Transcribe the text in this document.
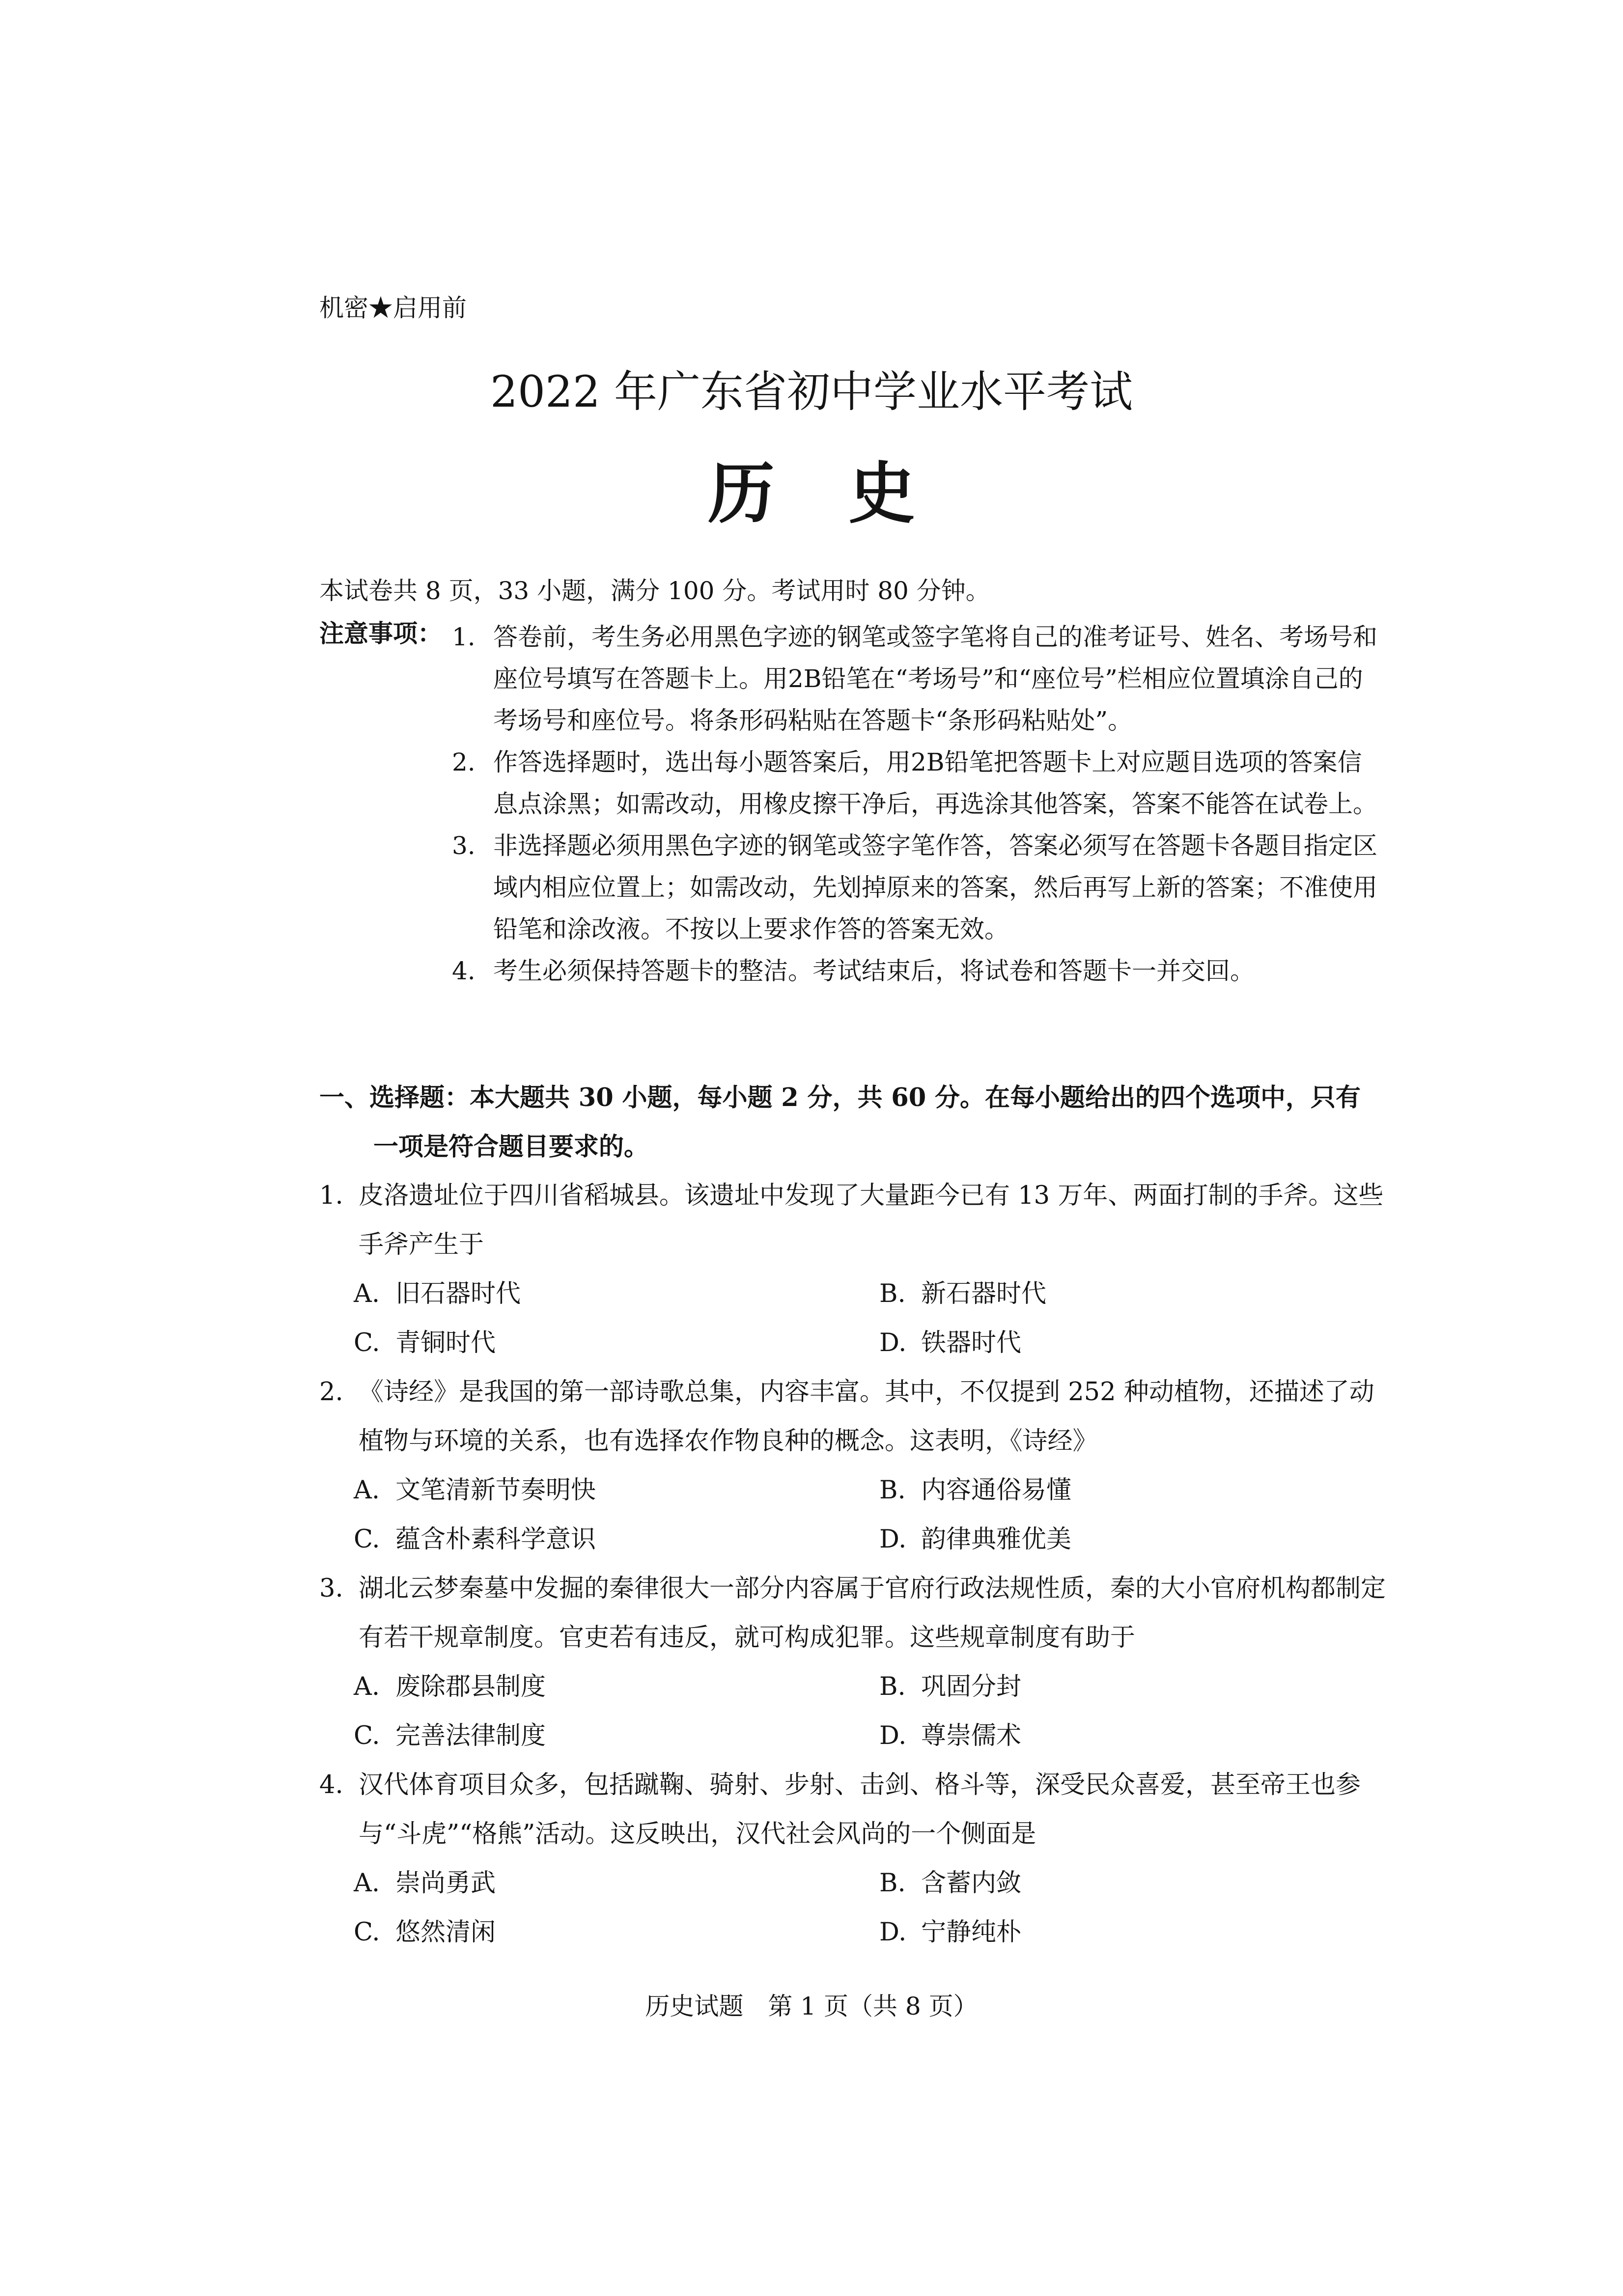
机密★启用前
2022 年广东省初中学业水平考试
历史
本试卷共 8 页，33 小题，满分 100 分。考试用时 80 分钟。
注意事项： 1. 答卷前，考生务必用黑色字迹的钢笔或签字笔将自己的准考证号、姓名、考场号和座位号填写在答题卡上。用2B铅笔在“考场号”和“座位号”栏相应位置填涂自己的考场号和座位号。将条形码粘贴在答题卡“条形码粘贴处”。
2. 作答选择题时，选出每小题答案后，用2B铅笔把答题卡上对应题目选项的答案信息点涂黑；如需改动，用橡皮擦干净后，再选涂其他答案，答案不能答在试卷上。
3. 非选择题必须用黑色字迹的钢笔或签字笔作答，答案必须写在答题卡各题目指定区域内相应位置上；如需改动，先划掉原来的答案，然后再写上新的答案；不准使用铅笔和涂改液。不按以上要求作答的答案无效。
4. 考生必须保持答题卡的整洁。考试结束后，将试卷和答题卡一并交回。
一、选择题：本大题共 30 小题，每小题 2 分，共 60 分。在每小题给出的四个选项中，只有
一项是符合题目要求的。
1. 皮洛遗址位于四川省稻城县。该遗址中发现了大量距今已有 13 万年、两面打制的手斧。这些手斧产生于
A. 旧石器时代	B. 新石器时代
C. 青铜时代	D. 铁器时代
2. 《诗经》是我国的第一部诗歌总集，内容丰富。其中，不仅提到 252 种动植物，还描述了动植物与环境的关系，也有选择农作物良种的概念。这表明，《诗经》
A. 文笔清新节奏明快	B. 内容通俗易懂
C. 蕴含朴素科学意识	D. 韵律典雅优美
3. 湖北云梦秦墓中发掘的秦律很大一部分内容属于官府行政法规性质，秦的大小官府机构都制定有若干规章制度。官吏若有违反，就可构成犯罪。这些规章制度有助于
A. 废除郡县制度	B. 巩固分封
C. 完善法律制度	D. 尊崇儒术
4. 汉代体育项目众多，包括蹴鞠、骑射、步射、击剑、格斗等，深受民众喜爱，甚至帝王也参与“斗虎”“格熊”活动。这反映出，汉代社会风尚的一个侧面是
A. 崇尚勇武	B. 含蓄内敛
C. 悠然清闲	D. 宁静纯朴
历史试题　第 1 页（共 8 页）
